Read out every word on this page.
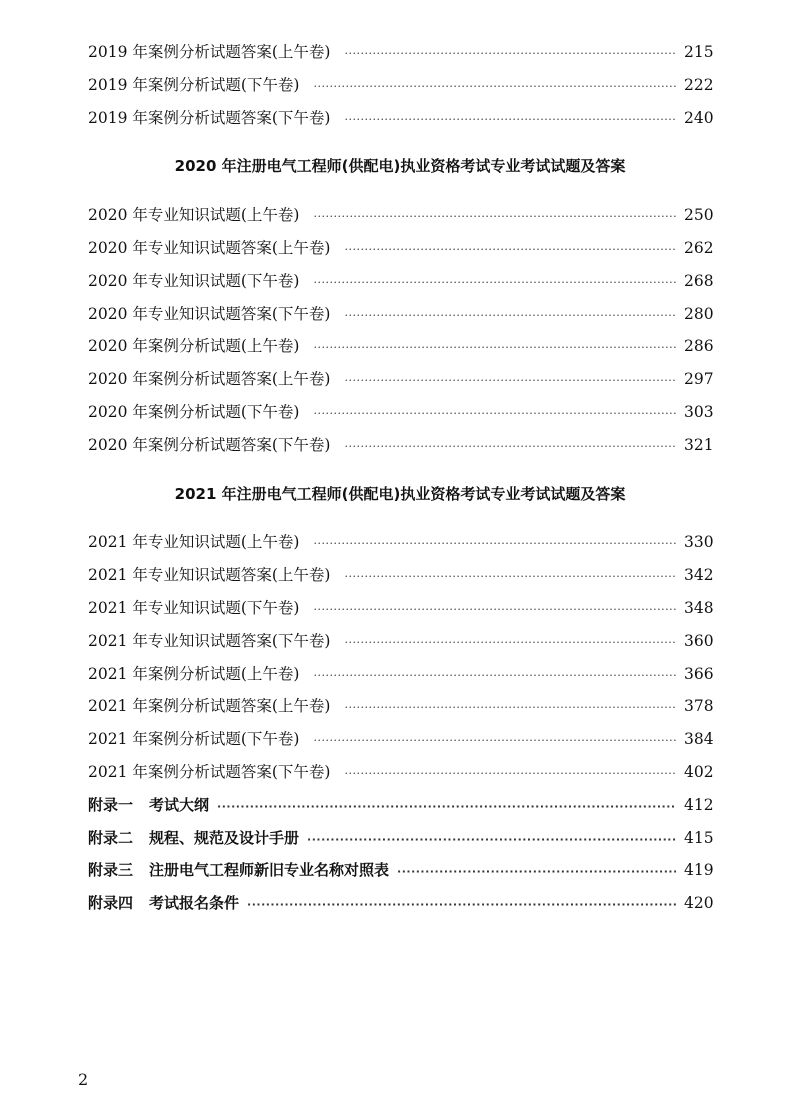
2019 年案例分析试题答案(上午卷) ·····	215
2019 年案例分析试题(下午卷) ·····	222
2019 年案例分析试题答案(下午卷) ·····	240
2020 年注册电气工程师(供配电)执业资格考试专业考试试题及答案
2020 年专业知识试题(上午卷) ·····	250
2020 年专业知识试题答案(上午卷) ·····	262
2020 年专业知识试题(下午卷) ·····	268
2020 年专业知识试题答案(下午卷) ·····	280
2020 年案例分析试题(上午卷) ·····	286
2020 年案例分析试题答案(上午卷) ·····	297
2020 年案例分析试题(下午卷) ·····	303
2020 年案例分析试题答案(下午卷) ·····	321
2021 年注册电气工程师(供配电)执业资格考试专业考试试题及答案
2021 年专业知识试题(上午卷) ·····	330
2021 年专业知识试题答案(上午卷) ·····	342
2021 年专业知识试题(下午卷) ·····	348
2021 年专业知识试题答案(下午卷) ·····	360
2021 年案例分析试题(上午卷) ·····	366
2021 年案例分析试题答案(上午卷) ·····	378
2021 年案例分析试题(下午卷) ·····	384
2021 年案例分析试题答案(下午卷) ·····	402
附录一 考试大纲 ·····	412
附录二 规程、规范及设计手册 ·····	415
附录三 注册电气工程师新旧专业名称对照表 ·····	419
附录四 考试报名条件 ·····	420
2
